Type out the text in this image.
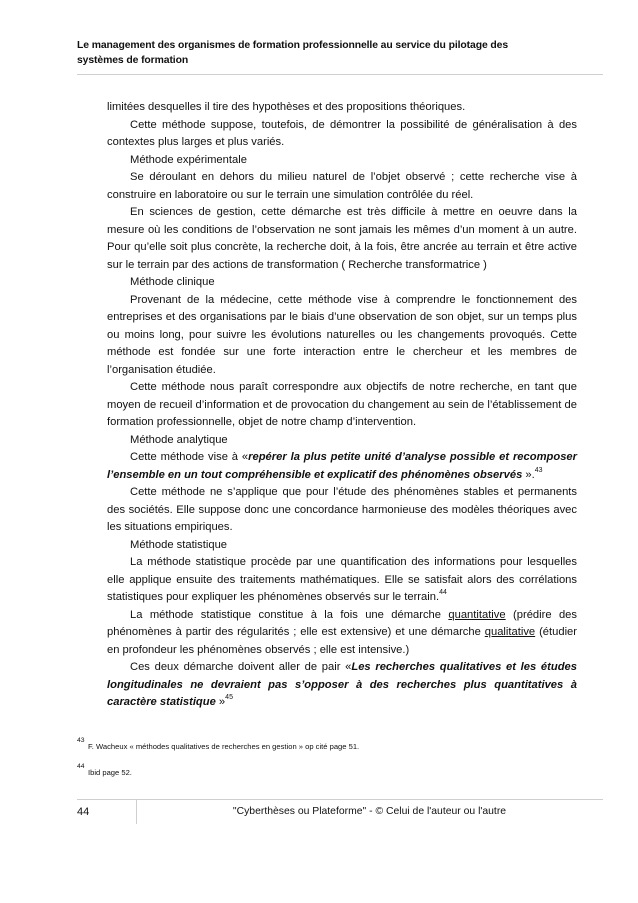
Le management des organismes de formation professionnelle au service du pilotage des
systèmes de formation

limitées desquelles il tire des hypothèses et des propositions théoriques.

Cette méthode suppose, toutefois, de démontrer la possibilité de généralisation à des contextes plus larges et plus variés.

Méthode expérimentale

Se déroulant en dehors du milieu naturel de l’objet observé ; cette recherche vise à construire en laboratoire ou sur le terrain une simulation contrôlée du réel.

En sciences de gestion, cette démarche est très difficile à mettre en oeuvre dans la mesure où les conditions de l’observation ne sont jamais les mêmes d’un moment à un autre. Pour qu’elle soit plus concrète, la recherche doit, à la fois, être ancrée au terrain et être active sur le terrain par des actions de transformation ( Recherche transformatrice )

Méthode clinique

Provenant de la médecine, cette méthode vise à comprendre le fonctionnement des entreprises et des organisations par le biais d’une observation de son objet, sur un temps plus ou moins long, pour suivre les évolutions naturelles ou les changements provoqués. Cette méthode est fondée sur une forte interaction entre le chercheur et les membres de l’organisation étudiée.

Cette méthode nous paraît correspondre aux objectifs de notre recherche, en tant que moyen de recueil d’information et de provocation du changement au sein de l’établissement de formation professionnelle, objet de notre champ d’intervention.

Méthode analytique

Cette méthode vise à «repérer la plus petite unité d’analyse possible et recomposer l’ensemble en un tout compréhensible et explicatif des phénomènes observés ».$^{43}$

Cette méthode ne s’applique que pour l’étude des phénomènes stables et permanents des sociétés. Elle suppose donc une concordance harmonieuse des modèles théoriques avec les situations empiriques.

Méthode statistique

La méthode statistique procède par une quantification des informations pour lesquelles elle applique ensuite des traitements mathématiques. Elle se satisfait alors des corrélations statistiques pour expliquer les phénomènes observés sur le terrain.$^{44}$

La méthode statistique constitue à la fois une démarche quantitative (prédire des phénomènes à partir des régularités ; elle est extensive) et une démarche qualitative (étudier en profondeur les phénomènes observés ; elle est intensive.)

Ces deux démarche doivent aller de pair «Les recherches qualitatives et les études longitudinales ne devraient pas s’opposer à des recherches plus quantitatives à caractère statistique »$^{45}$

43
F. Wacheux « méthodes qualitatives de recherches en gestion » op cité page 51.
44
Ibid page 52.
44	"Cyberthèses ou Plateforme" - © Celui de l'auteur ou l'autre
